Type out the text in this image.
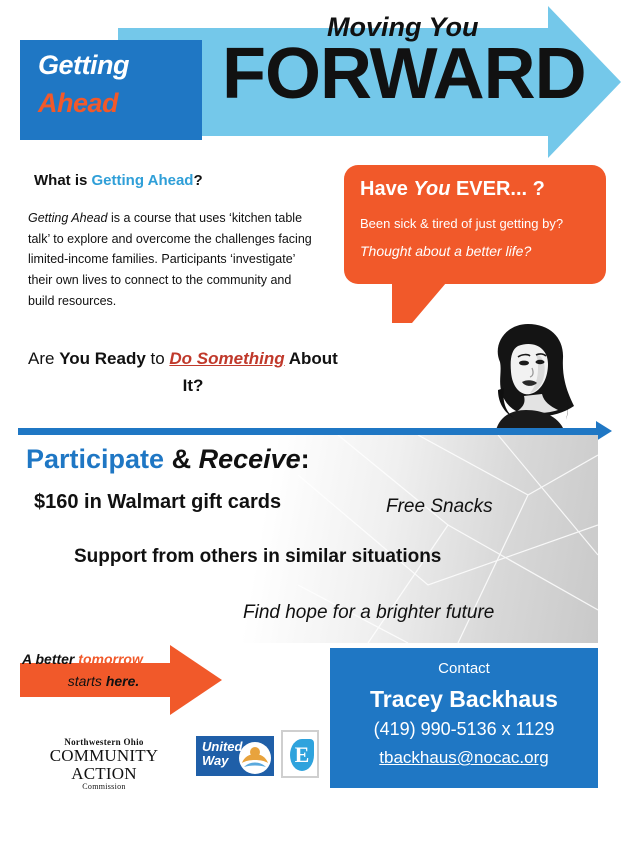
Getting
Ahead
Moving You
FORWARD
What is Getting Ahead?
Getting Ahead is a course that uses ‘kitchen table talk’ to explore and overcome the challenges facing limited-income families. Participants ‘investigate’ their own lives to connect to the community and build resources.
Are You Ready to Do Something About
It?
Have You EVER... ?
Been sick & tired of just getting by?
Thought about a better life?
Participate & Receive:
$160 in Walmart gift cards	Free Snacks
Support from others in similar situations
Find hope for a brighter future
A better tomorrow
starts here.
Contact
Tracey Backhaus
(419) 990-5136 x 1129
tbackhaus@nocac.org
Northwestern Ohio
COMMUNITY ACTION
Commission
United
Way	E
